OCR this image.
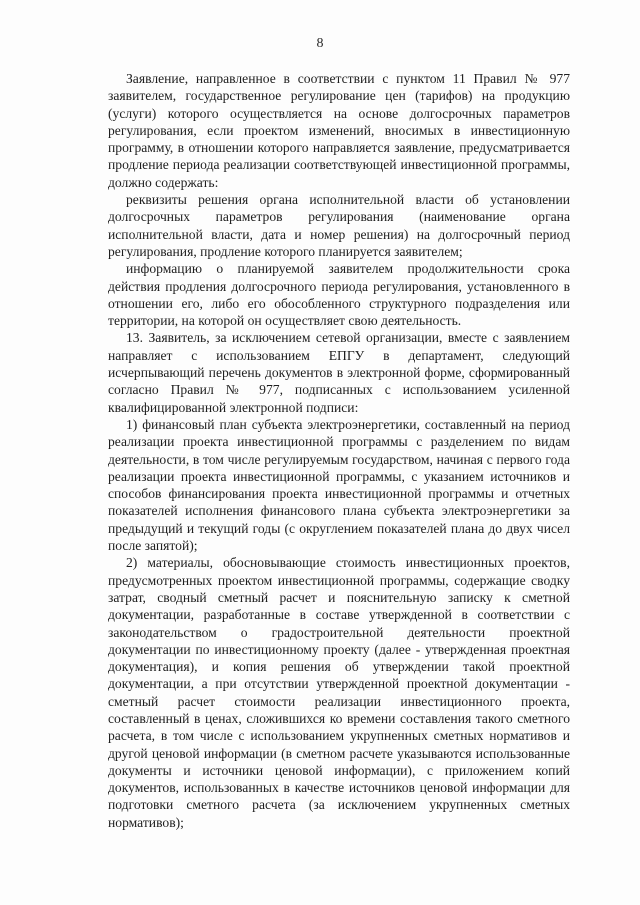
8

Заявление, направленное в соответствии с пунктом 11 Правил № 977 заявителем, государственное регулирование цен (тарифов) на продукцию (услуги) которого осуществляется на основе долгосрочных параметров регулирования, если проектом изменений, вносимых в инвестиционную программу, в отношении которого направляется заявление, предусматривается продление периода реализации соответствующей инвестиционной программы, должно содержать:

реквизиты решения органа исполнительной власти об установлении долгосрочных параметров регулирования (наименование органа исполнительной власти, дата и номер решения) на долгосрочный период регулирования, продление которого планируется заявителем;

информацию о планируемой заявителем продолжительности срока действия продления долгосрочного периода регулирования, установленного в отношении его, либо его обособленного структурного подразделения или территории, на которой он осуществляет свою деятельность.

13. Заявитель, за исключением сетевой организации, вместе с заявлением направляет с использованием ЕПГУ в департамент, следующий исчерпывающий перечень документов в электронной форме, сформированный согласно Правил № 977, подписанных с использованием усиленной квалифицированной электронной подписи:

1) финансовый план субъекта электроэнергетики, составленный на период реализации проекта инвестиционной программы с разделением по видам деятельности, в том числе регулируемым государством, начиная с первого года реализации проекта инвестиционной программы, с указанием источников и способов финансирования проекта инвестиционной программы и отчетных показателей исполнения финансового плана субъекта электроэнергетики за предыдущий и текущий годы (с округлением показателей плана до двух чисел после запятой);

2) материалы, обосновывающие стоимость инвестиционных проектов, предусмотренных проектом инвестиционной программы, содержащие сводку затрат, сводный сметный расчет и пояснительную записку к сметной документации, разработанные в составе утвержденной в соответствии с законодательством о градостроительной деятельности проектной документации по инвестиционному проекту (далее - утвержденная проектная документация), и копия решения об утверждении такой проектной документации, а при отсутствии утвержденной проектной документации - сметный расчет стоимости реализации инвестиционного проекта, составленный в ценах, сложившихся ко времени составления такого сметного расчета, в том числе с использованием укрупненных сметных нормативов и другой ценовой информации (в сметном расчете указываются использованные документы и источники ценовой информации), с приложением копий документов, использованных в качестве источников ценовой информации для подготовки сметного расчета (за исключением укрупненных сметных нормативов);
